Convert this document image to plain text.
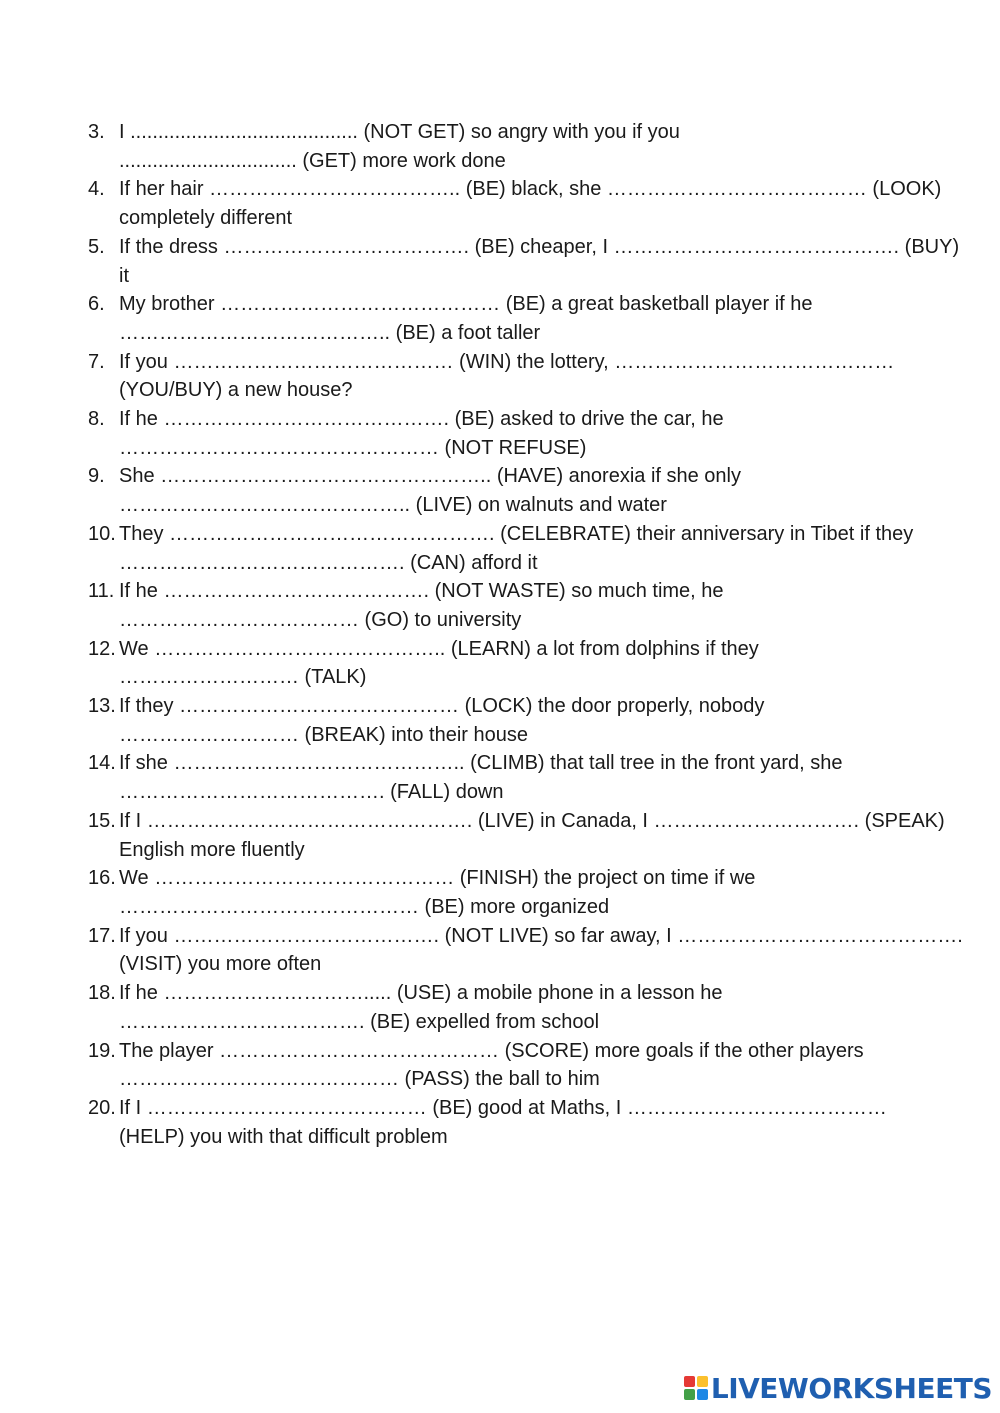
3. I ......................................... (NOT GET) so angry with you if you
................................ (GET) more work done
4. If her hair ……………………………….. (BE) black, she ………………………………… (LOOK)
completely different
5. If the dress ………………………………. (BE) cheaper, I ……………………………………. (BUY)
it
6. My brother …………………………………… (BE) a great basketball player if he
………………………………….. (BE) a foot taller
7. If you …………………………………… (WIN) the lottery, ……………………………………
(YOU/BUY) a new house?
8. If he ……………………………………. (BE) asked to drive the car, he
………………………………………… (NOT REFUSE)
9. She ………………………………………….. (HAVE) anorexia if she only
…………………………………….. (LIVE) on walnuts and water
10. They …………………………………………. (CELEBRATE) their anniversary in Tibet if they
……………………………………. (CAN) afford it
11. If he …………………………………. (NOT WASTE) so much time, he
……………………………… (GO) to university
12. We …………………………………….. (LEARN) a lot from dolphins if they
……………………… (TALK)
13. If they …………………………………… (LOCK) the door properly, nobody
……………………… (BREAK) into their house
14. If she …………………………………….. (CLIMB) that tall tree in the front yard, she
…………………………………. (FALL) down
15. If I …………………………………………. (LIVE) in Canada, I …………………………. (SPEAK)
English more fluently
16. We ……………………………………… (FINISH) the project on time if we
……………………………………… (BE) more organized
17. If you …………………………………. (NOT LIVE) so far away, I …………………………………….
(VISIT) you more often
18. If he …………………………..... (USE) a mobile phone in a lesson he
………………………………. (BE) expelled from school
19. The player …………………………………… (SCORE) more goals if the other players
…………………………………… (PASS) the ball to him
20. If I …………………………………… (BE) good at Maths, I …………………………………
(HELP) you with that difficult problem
LIVEWORKSHEETS
